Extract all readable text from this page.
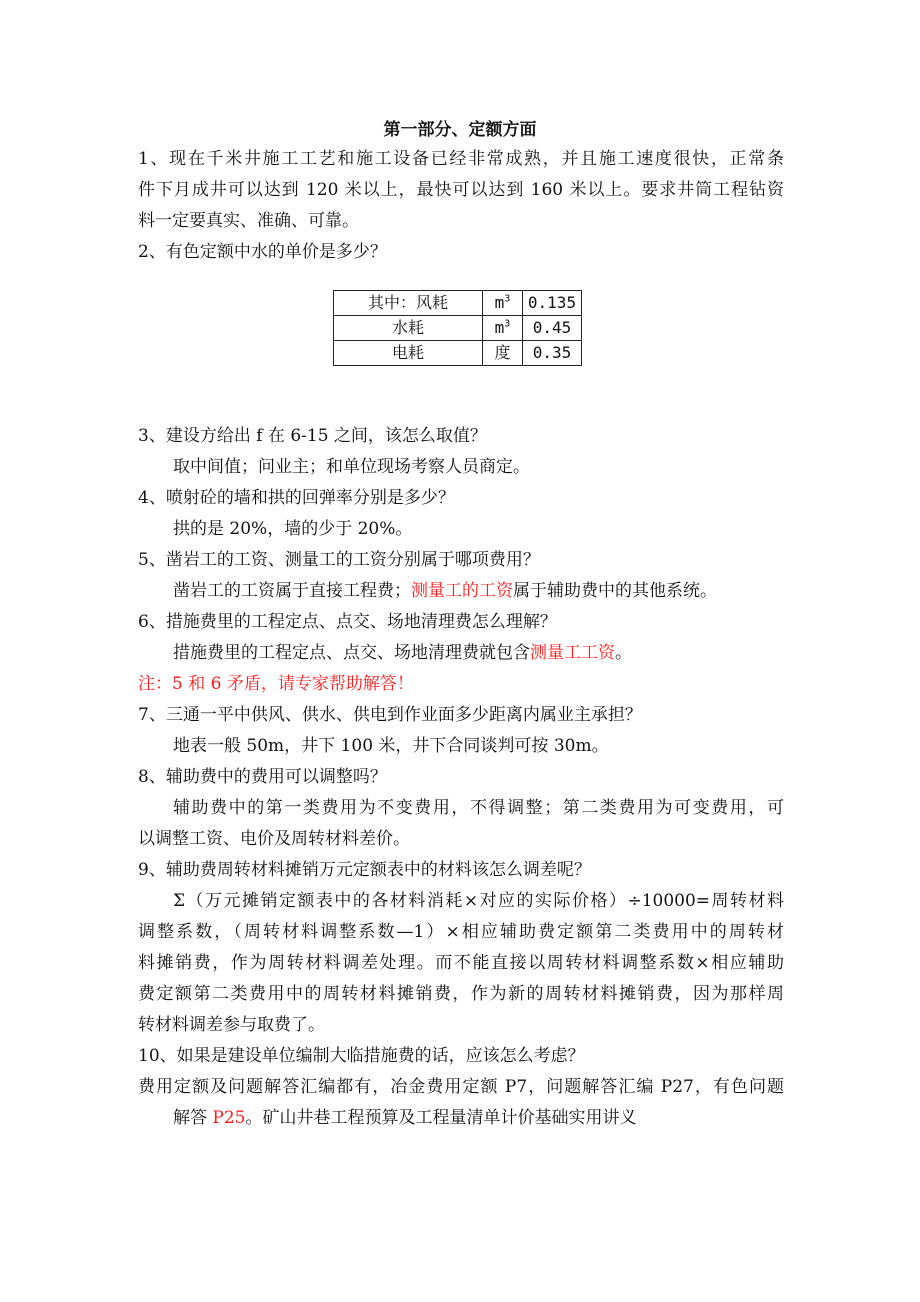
第一部分、定额方面
1、现在千米井施工工艺和施工设备已经非常成熟，并且施工速度很快，正常条
件下月成井可以达到 120 米以上，最快可以达到 160 米以上。要求井筒工程钻资
料一定要真实、准确、可靠。
2、有色定额中水的单价是多少？
其中：风耗	$m^3$	0.135
水耗	$m^3$	0.45
电耗	度	0.35
3、建设方给出 f 在 6-15 之间，该怎么取值？
取中间值；问业主；和单位现场考察人员商定。
4、喷射砼的墙和拱的回弹率分别是多少？
拱的是 20%，墙的少于 20%。
5、凿岩工的工资、测量工的工资分别属于哪项费用？
凿岩工的工资属于直接工程费；测量工的工资属于辅助费中的其他系统。
6、措施费里的工程定点、点交、场地清理费怎么理解？
措施费里的工程定点、点交、场地清理费就包含测量工工资。
注：5 和 6 矛盾，请专家帮助解答！
7、三通一平中供风、供水、供电到作业面多少距离内属业主承担？
地表一般 50m，井下 100 米，井下合同谈判可按 30m。
8、辅助费中的费用可以调整吗？
辅助费中的第一类费用为不变费用，不得调整；第二类费用为可变费用，可
以调整工资、电价及周转材料差价。
9、辅助费周转材料摊销万元定额表中的材料该怎么调差呢？
Σ（万元摊销定额表中的各材料消耗×对应的实际价格）÷10000=周转材料
调整系数，（周转材料调整系数—1）×相应辅助费定额第二类费用中的周转材
料摊销费，作为周转材料调差处理。而不能直接以周转材料调整系数×相应辅助
费定额第二类费用中的周转材料摊销费，作为新的周转材料摊销费，因为那样周
转材料调差参与取费了。
10、如果是建设单位编制大临措施费的话，应该怎么考虑？
费用定额及问题解答汇编都有，冶金费用定额 P7，问题解答汇编 P27，有色问题
解答 P25。矿山井巷工程预算及工程量清单计价基础实用讲义
